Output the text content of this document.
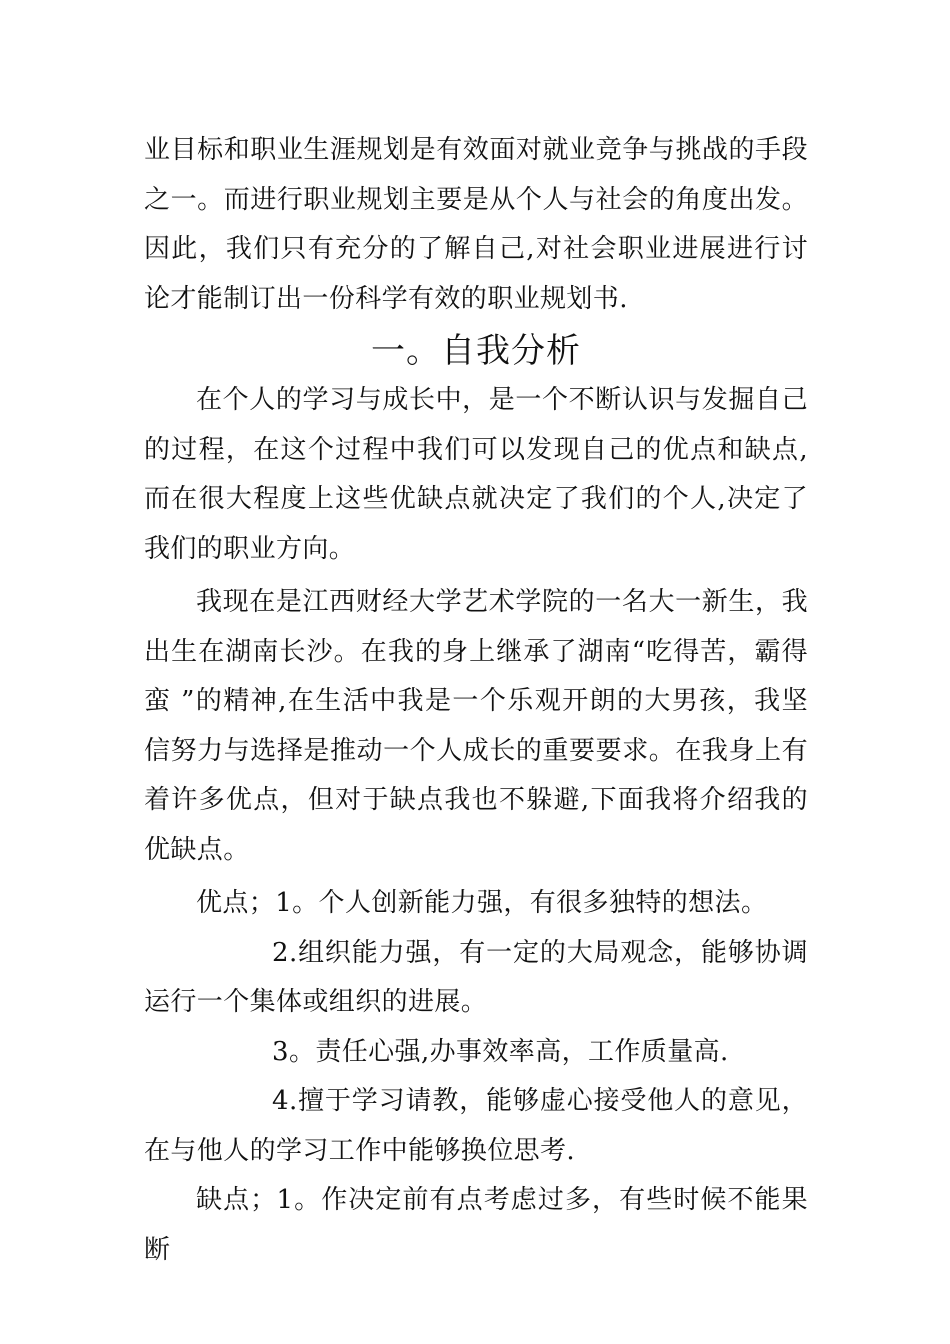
业目标和职业生涯规划是有效面对就业竞争与挑战的手段之一。而进行职业规划主要是从个人与社会的角度出发。因此，我们只有充分的了解自己,对社会职业进展进行讨论才能制订出一份科学有效的职业规划书.

一。自我分析

在个人的学习与成长中，是一个不断认识与发掘自己的过程，在这个过程中我们可以发现自己的优点和缺点,而在很大程度上这些优缺点就决定了我们的个人,决定了我们的职业方向。

我现在是江西财经大学艺术学院的一名大一新生，我出生在湖南长沙。在我的身上继承了湖南“吃得苦，霸得蛮 ”的精神,在生活中我是一个乐观开朗的大男孩，我坚信努力与选择是推动一个人成长的重要要求。在我身上有着许多优点，但对于缺点我也不躲避,下面我将介绍我的优缺点。

优点；1。个人创新能力强，有很多独特的想法。

2.组织能力强，有一定的大局观念，能够协调运行一个集体或组织的进展。

3。责任心强,办事效率高，工作质量高.

4.擅于学习请教，能够虚心接受他人的意见，在与他人的学习工作中能够换位思考.

缺点；1。作决定前有点考虑过多，有些时候不能果断
